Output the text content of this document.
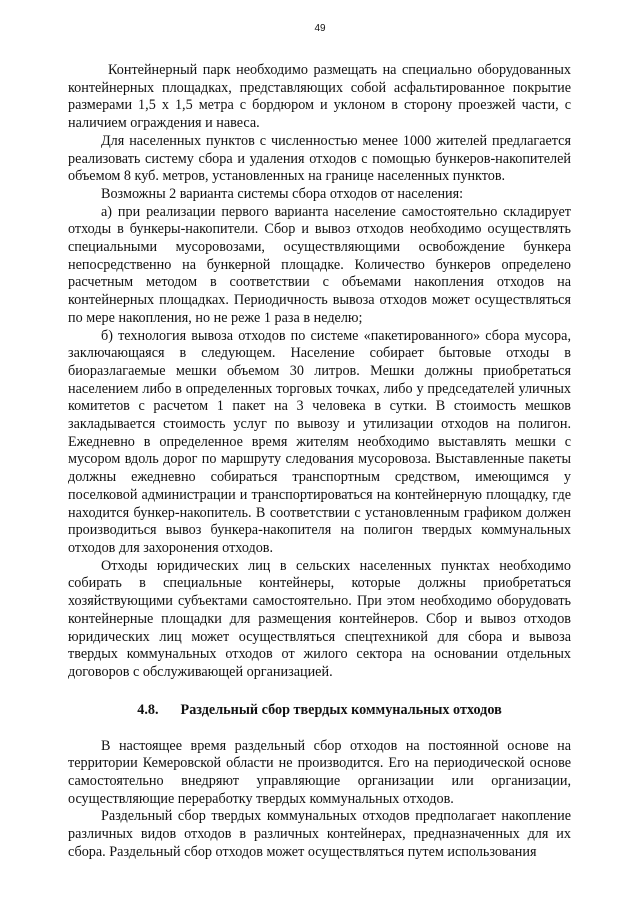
49

Контейнерный парк необходимо размещать на специально оборудованных контейнерных площадках, представляющих собой асфальтированное покрытие размерами 1,5 х 1,5 метра с бордюром и уклоном в сторону проезжей части, с наличием ограждения и навеса.

Для населенных пунктов с численностью менее 1000 жителей предлагается реализовать систему сбора и удаления отходов с помощью бункеров-накопителей объемом 8 куб. метров, установленных на границе населенных пунктов.

Возможны 2 варианта системы сбора отходов от населения:

а) при реализации первого варианта население самостоятельно складирует отходы в бункеры-накопители. Сбор и вывоз отходов необходимо осуществлять специальными мусоровозами, осуществляющими освобождение бункера непосредственно на бункерной площадке. Количество бункеров определено расчетным методом в соответствии с объемами накопления отходов на контейнерных площадках. Периодичность вывоза отходов может осуществляться по мере накопления, но не реже 1 раза в неделю;

б) технология вывоза отходов по системе «пакетированного» сбора мусора, заключающаяся в следующем. Население собирает бытовые отходы в биоразлагаемые мешки объемом 30 литров. Мешки должны приобретаться населением либо в определенных торговых точках, либо у председателей уличных комитетов с расчетом 1 пакет на 3 человека в сутки. В стоимость мешков закладывается стоимость услуг по вывозу и утилизации отходов на полигон. Ежедневно в определенное время жителям необходимо выставлять мешки с мусором вдоль дорог по маршруту следования мусоровоза. Выставленные пакеты должны ежедневно собираться транспортным средством, имеющимся у поселковой администрации и транспортироваться на контейнерную площадку, где находится бункер-накопитель. В соответствии с установленным графиком должен производиться вывоз бункера-накопителя на полигон твердых коммунальных отходов для захоронения отходов.

Отходы юридических лиц в сельских населенных пунктах необходимо собирать в специальные контейнеры, которые должны приобретаться хозяйствующими субъектами самостоятельно. При этом необходимо оборудовать контейнерные площадки для размещения контейнеров. Сбор и вывоз отходов юридических лиц может осуществляться спецтехникой для сбора и вывоза твердых коммунальных отходов от жилого сектора на основании отдельных договоров с обслуживающей организацией.

4.8. Раздельный сбор твердых коммунальных отходов

В настоящее время раздельный сбор отходов на постоянной основе на территории Кемеровской области не производится. Его на периодической основе самостоятельно внедряют управляющие организации или организации, осуществляющие переработку твердых коммунальных отходов.

Раздельный сбор твердых коммунальных отходов предполагает накопление различных видов отходов в различных контейнерах, предназначенных для их сбора. Раздельный сбор отходов может осуществляться путем использования
